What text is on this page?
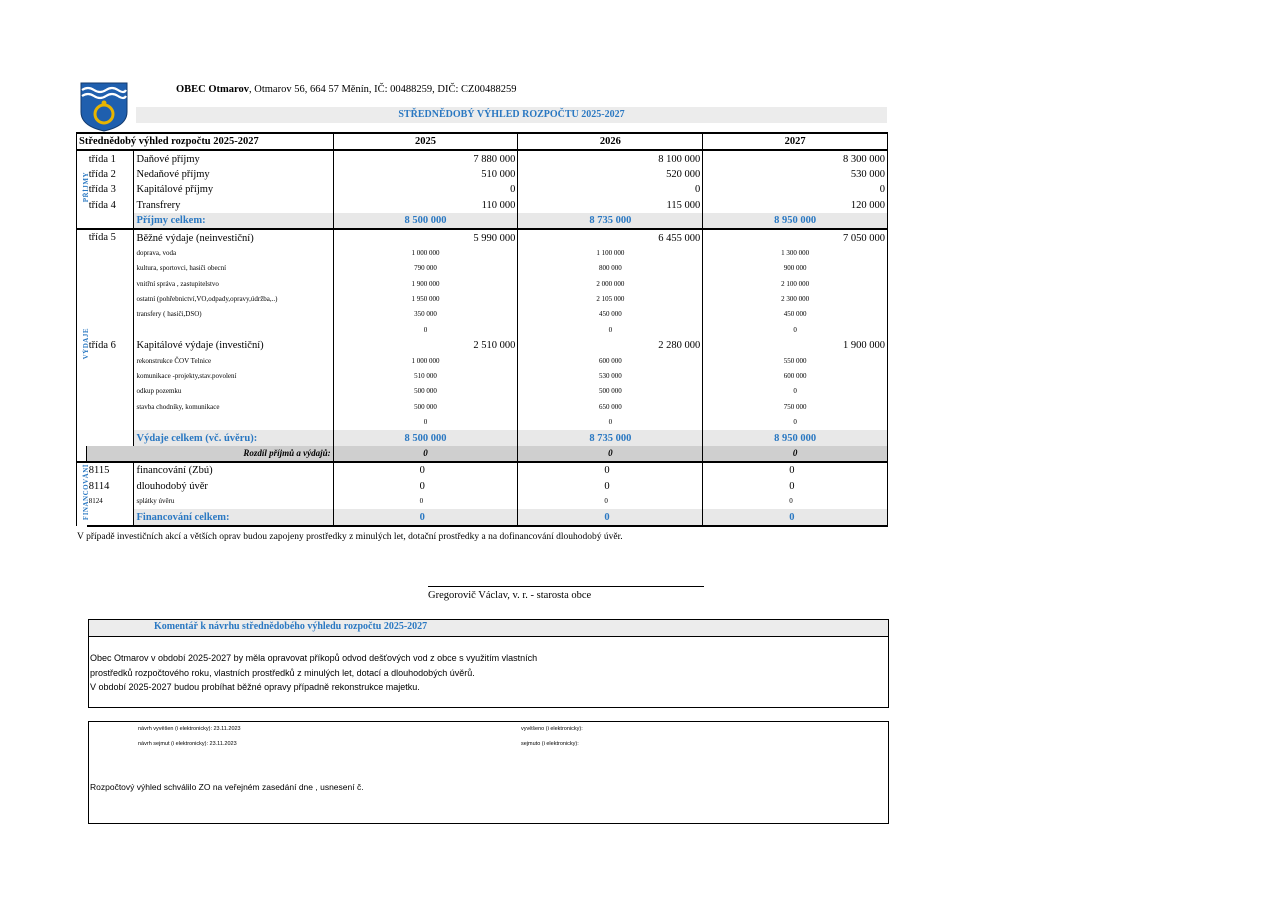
OBEC Otmarov, Otmarov 56, 664 57 Měnín, IČ: 00488259, DIČ: CZ00488259
STŘEDNĚDOBÝ VÝHLED ROZPOČTU 2025-2027
Střednědobý výhled rozpočtu 2025-2027			2025	2026	2027
PŘÍJMY	třída 1	Daňové příjmy	7 880 000	8 100 000	8 300 000
	třída 2	Nedaňové příjmy	510 000	520 000	530 000
	třída 3	Kapitálové příjmy	0	0	0
	třída 4	Transfrery	110 000	115 000	120 000
		Příjmy celkem:	8 500 000	8 735 000	8 950 000
VÝDAJE	třída 5	Běžné výdaje (neinvestiční)	5 990 000	6 455 000	7 050 000
		doprava, voda	1 000 000	1 100 000	1 300 000
		kultura, sportovci, hasiči obecní	790 000	800 000	900 000
		vnitřní správa , zastupitelstvo	1 900 000	2 000 000	2 100 000
		ostatní (pohřebnictví,VO,odpady,opravy,údržba,..)	1 950 000	2 105 000	2 300 000
		transfery ( hasiči,DSO)	350 000	450 000	450 000
			0	0	0
	třída 6	Kapitálové výdaje (investiční)	2 510 000	2 280 000	1 900 000
		rekonstrukce ČOV Telnice	1 000 000	600 000	550 000
		komunikace -projekty,stav.povolení	510 000	530 000	600 000
		odkup pozemku	500 000	500 000	0
		stavba chodníky, komunikace	500 000	650 000	750 000
			0	0	0
		Výdaje celkem (vč. úvěru):	8 500 000	8 735 000	8 950 000
	Rozdíl příjmů a výdajů:		0	0	0
FINANCOVÁNÍ	8115	financování (Zbú)	0	0	0
	8114	dlouhodobý úvěr	0	0	0
	8124	splátky úvěru	0	0	0
		Financování celkem:	0	0	0
V případě investičních akcí a větších oprav budou zapojeny prostředky z minulých let, dotační prostředky a na dofinancování dlouhodobý úvěr.
Gregorovič Václav, v. r. - starosta obce
Komentář k návrhu střednědobého výhledu rozpočtu 2025-2027
Obec Otmarov v období 2025-2027 by měla opravovat příkopů odvod dešťových vod z obce s využitím vlastních
prostředků rozpočtového roku, vlastních prostředků z minulých let, dotací a dlouhodobých úvěrů.
V období 2025-2027 budou probíhat běžné opravy případně rekonstrukce majetku.
návrh vyvěšen (i elektronicky): 23.11.2023
návrh sejmut (i elektronicky): 23.11.2023
vyvěšeno (i elektronicky):
sejmuto (i elektronicky):
Rozpočtový výhled schválilo ZO na veřejném zasedání dne , usnesení č.
